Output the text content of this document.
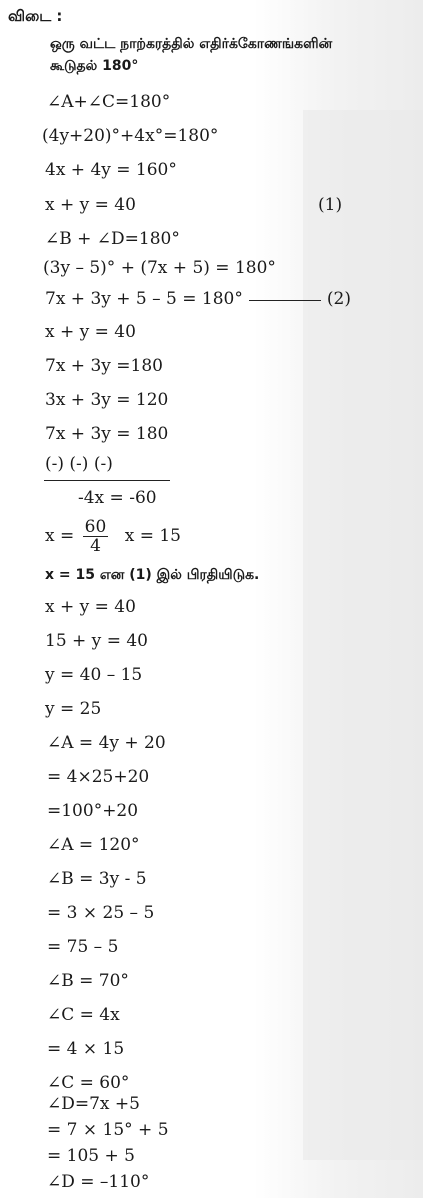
விடை :
ஒரு வட்ட நாற்கரத்தில் எதிர்க்கோணங்களின்
கூடுதல் 180°
∠A+∠C=180°
(4y+20)°+4x°=180°
4x + 4y = 160°
x + y = 40	(1)
∠B + ∠D=180°
(3y – 5)° + (7x + 5) = 180°
7x + 3y + 5 – 5 = 180°	(2)
x + y = 40
7x + 3y =180
3x + 3y = 120
7x + 3y = 180
(-) (-) (-)
-4x = -60
$x = \frac{60}{4}$ x = 15
x = 15 என (1) இல் பிரதியிடுக.
x + y = 40
15 + y = 40
y = 40 – 15
y = 25
∠A = 4y + 20
= 4×25+20
=100°+20
∠A = 120°
∠B = 3y - 5
= 3 × 25 – 5
= 75 – 5
∠B = 70°
∠C = 4x
= 4 × 15
∠C = 60°
∠D=7x +5
= 7 × 15° + 5
= 105 + 5
∠D = –110°
